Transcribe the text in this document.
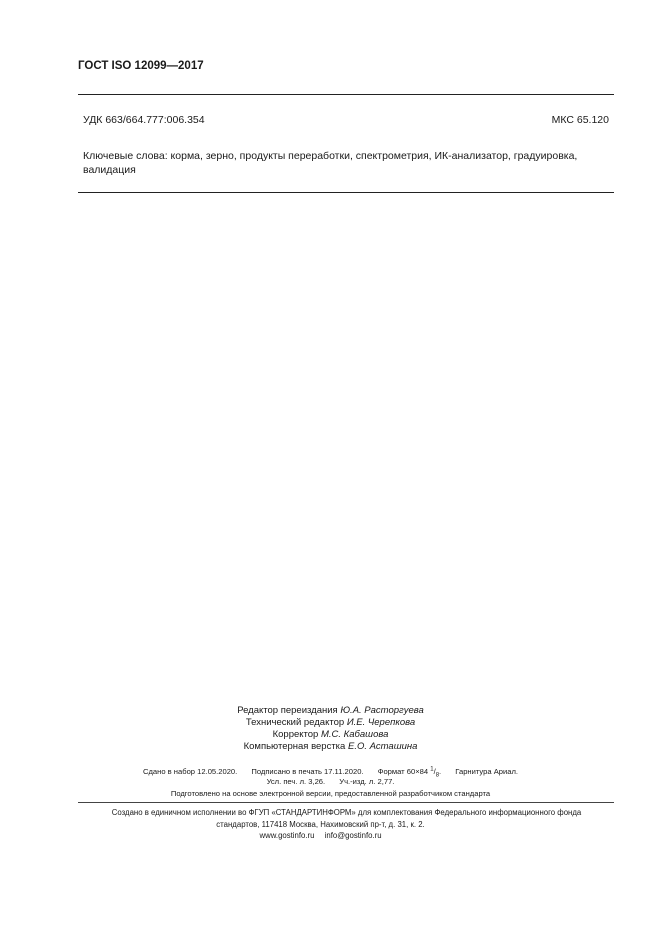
ГОСТ ISO 12099—2017
УДК 663/664.777:006.354	МКС 65.120
Ключевые слова: корма, зерно, продукты переработки, спектрометрия, ИК-анализатор, градуировка, валидация
Редактор переиздания Ю.А. Расторгуева
Технический редактор И.Е. Черепкова
Корректор М.С. Кабашова
Компьютерная верстка Е.О. Асташина
Сдано в набор 12.05.2020. Подписано в печать 17.11.2020. Формат 60×84 $^1/_8$. Гарнитура Ариал.
Усл. печ. л. 3,26. Уч.-изд. л. 2,77.
Подготовлено на основе электронной версии, предоставленной разработчиком стандарта
Создано в единичном исполнении во ФГУП «СТАНДАРТИНФОРМ» для комплектования Федерального информационного фонда
стандартов, 117418 Москва, Нахимовский пр-т, д. 31, к. 2.
www.gostinfo.ru info@gostinfo.ru
